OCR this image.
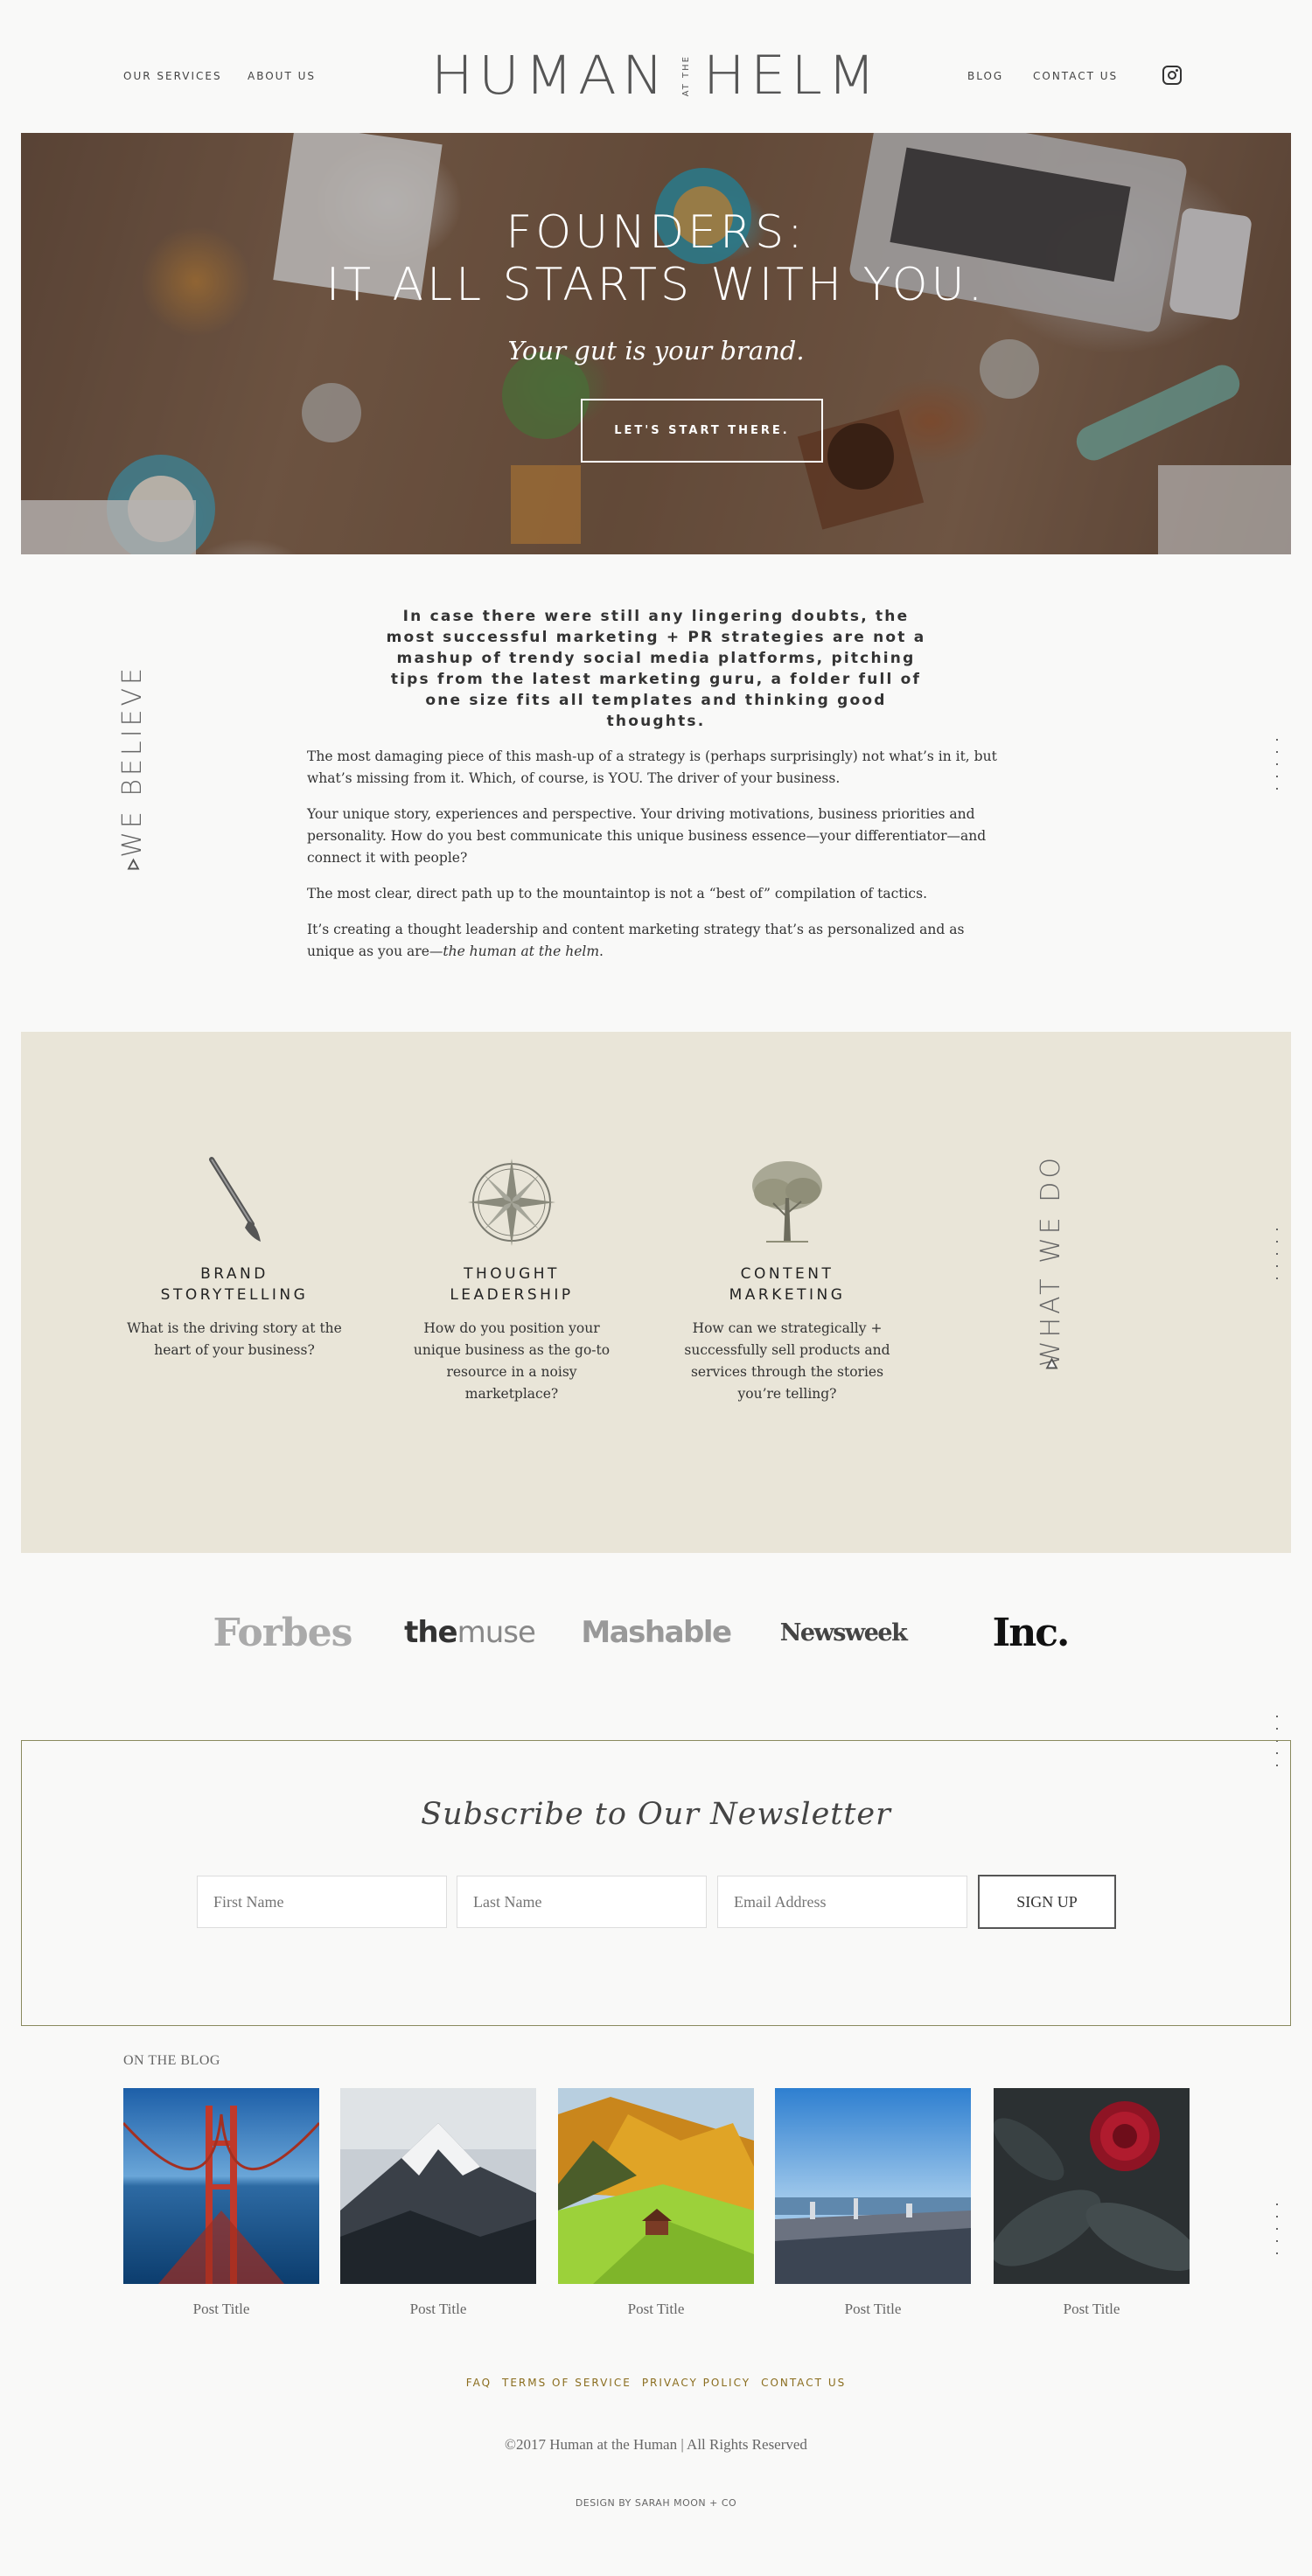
OUR SERVICES ABOUT US HUMAN AT THE HELM	BLOG	CONTACT US
FOUNDERS:
IT ALL STARTS WITH YOU.
Your gut is your brand.
LET'S START THERE.
WE BELIEVE
In case there were still any lingering doubts, the most successful marketing + PR strategies are not a mashup of trendy social media platforms, pitching tips from the latest marketing guru, a folder full of one size fits all templates and thinking good thoughts.

The most damaging piece of this mash-up of a strategy is (perhaps surprisingly) not what’s in it, but what’s missing from it. Which, of course, is YOU. The driver of your business.

Your unique story, experiences and perspective. Your driving motivations, business priorities and personality. How do you best communicate this unique business essence—your differentiator—and connect it with people?

The most clear, direct path up to the mountaintop is not a “best of” compilation of tactics.

It’s creating a thought leadership and content marketing strategy that’s as personalized and as unique as you are—the human at the helm.

BRAND
STORYTELLING

What is the driving story at the heart of your business?

THOUGHT
LEADERSHIP

How do you position your unique business as the go-to resource in a noisy marketplace?

CONTENT
MARKETING

How can we strategically + successfully sell products and services through the stories you’re telling?

WHAT WE DO
Forbes the muse Mashable Newsweek Inc.
Subscribe to Our Newsletter
First Name
Last Name
Email Address
SIGN UP
ON THE BLOG
Post Title	Post Title	Post Title	Post Title	Post Title
FAQ TERMS OF SERVICE PRIVACY POLICY CONTACT US
©2017 Human at the Human | All Rights Reserved
DESIGN BY SARAH MOON + CO
